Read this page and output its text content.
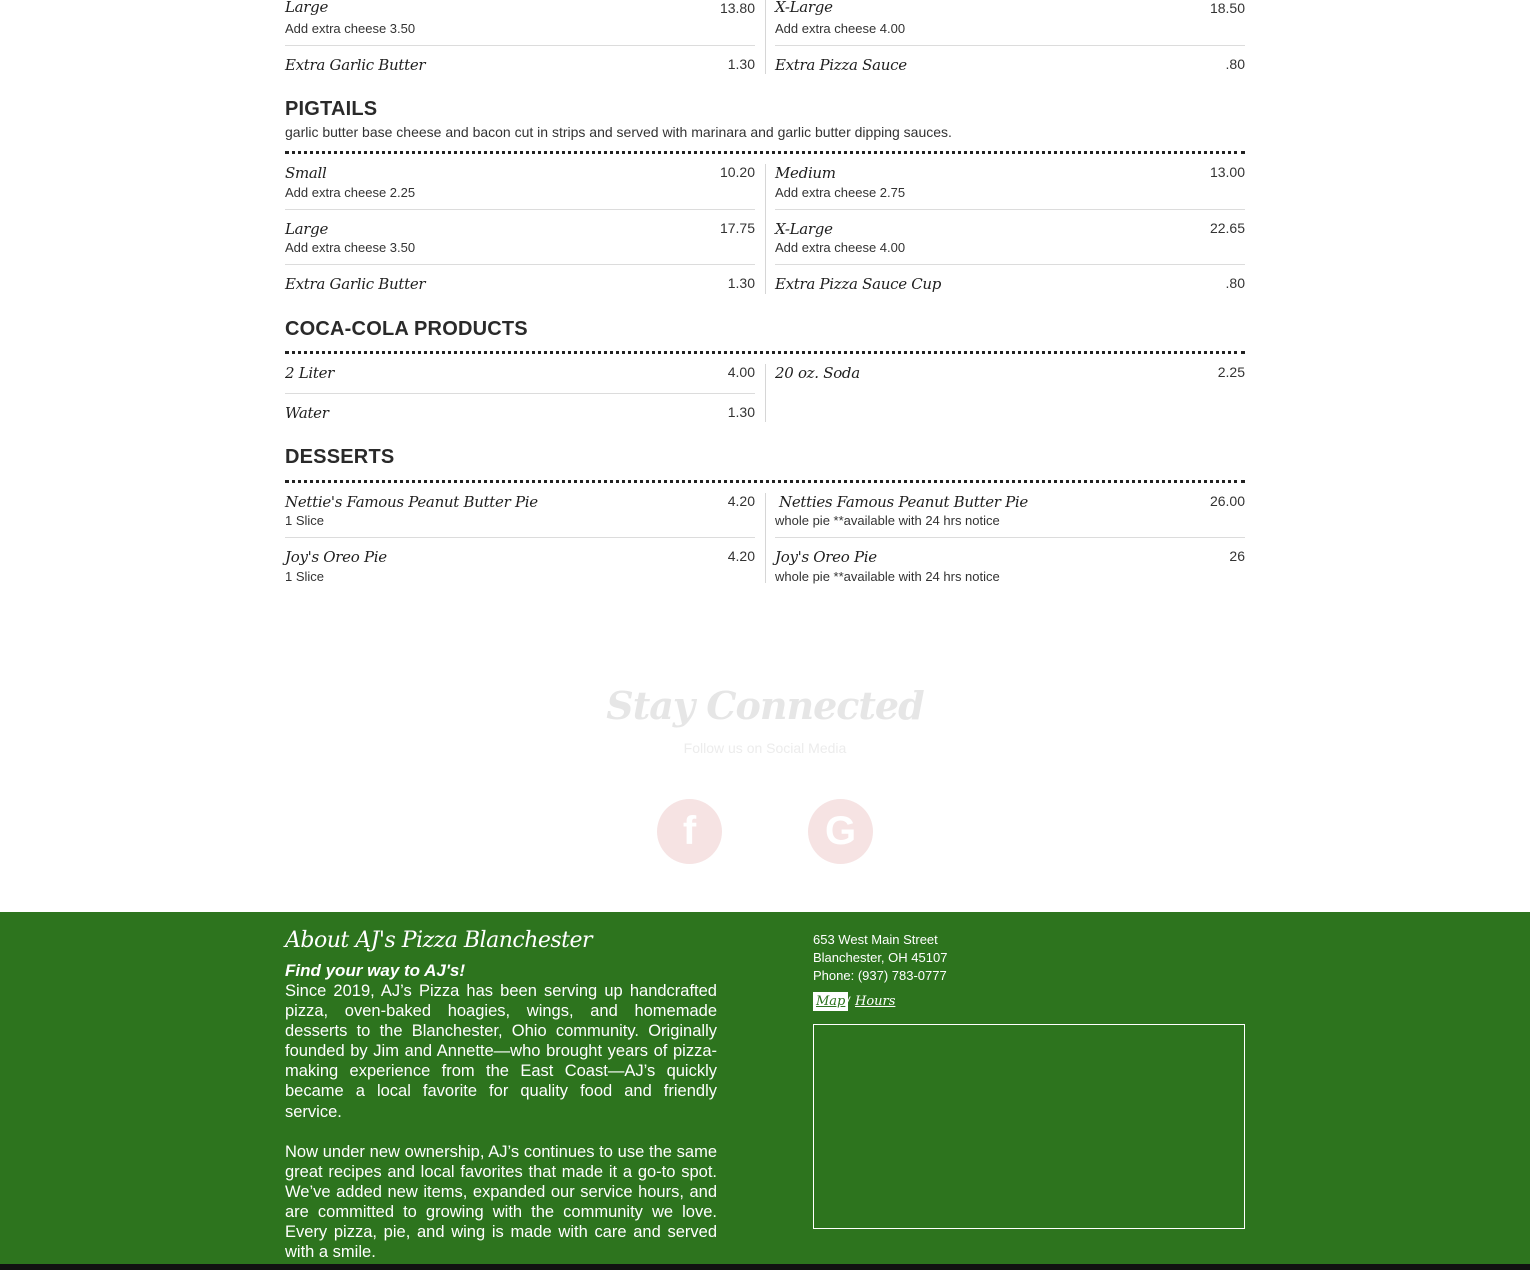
Large	13.80
Add extra cheese 3.50
Extra Garlic Butter	1.30
X-Large	18.50
Add extra cheese 4.00
Extra Pizza Sauce	.80
PIGTAILS
garlic butter base cheese and bacon cut in strips and served with marinara and garlic butter dipping sauces.
Small	10.20
Add extra cheese 2.25
Large	17.75
Add extra cheese 3.50
Extra Garlic Butter	1.30
Medium	13.00
Add extra cheese 2.75
X-Large	22.65
Add extra cheese 4.00
Extra Pizza Sauce Cup	.80
COCA-COLA PRODUCTS
2 Liter	4.00
Water	1.30
20 oz. Soda	2.25
DESSERTS
Nettie's Famous Peanut Butter Pie	4.20
1 Slice
Joy's Oreo Pie	4.20
1 Slice
Netties Famous Peanut Butter Pie	26.00
whole pie **available with 24 hrs notice
Joy's Oreo Pie	26
whole pie **available with 24 hrs notice
Stay Connected
Follow us on Social Media
f	G
About AJ's Pizza Blanchester
Find your way to AJ's!
Since 2019, AJ’s Pizza has been serving up handcrafted pizza, oven-baked hoagies, wings, and homemade desserts to the Blanchester, Ohio community. Originally founded by Jim and Annette—who brought years of pizza-making experience from the East Coast—AJ’s quickly became a local favorite for quality food and friendly service.
Now under new ownership, AJ’s continues to use the same great recipes and local favorites that made it a go-to spot. We’ve added new items, expanded our service hours, and are committed to growing with the community we love. Every pizza, pie, and wing is made with care and served with a smile.
653 West Main Street
Blanchester, OH 45107
Phone: (937) 783-0777
Map / Hours
